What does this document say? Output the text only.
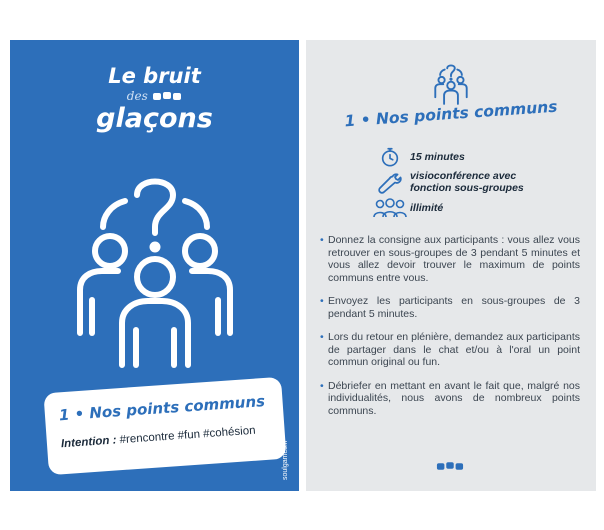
Le bruit
des
glaçons
1 • Nos points communs
Intention : #rencontre #fun #cohésion
soulgames.fr
1 • Nos points communs
15 minutes
visioconférence avec
fonction sous-groupes
illimité
• Donnez la consigne aux participants : vous allez vous retrouver en sous-groupes de 3 pendant 5 minutes et vous allez devoir trouver le maximum de points communs entre vous.
• Envoyez les participants en sous-groupes de 3 pendant 5 minutes.
• Lors du retour en plénière, demandez aux participants de partager dans le chat et/ou à l'oral un point commun original ou fun.
• Débriefer en mettant en avant le fait que, malgré nos individualités, nous avons de nombreux points communs.
